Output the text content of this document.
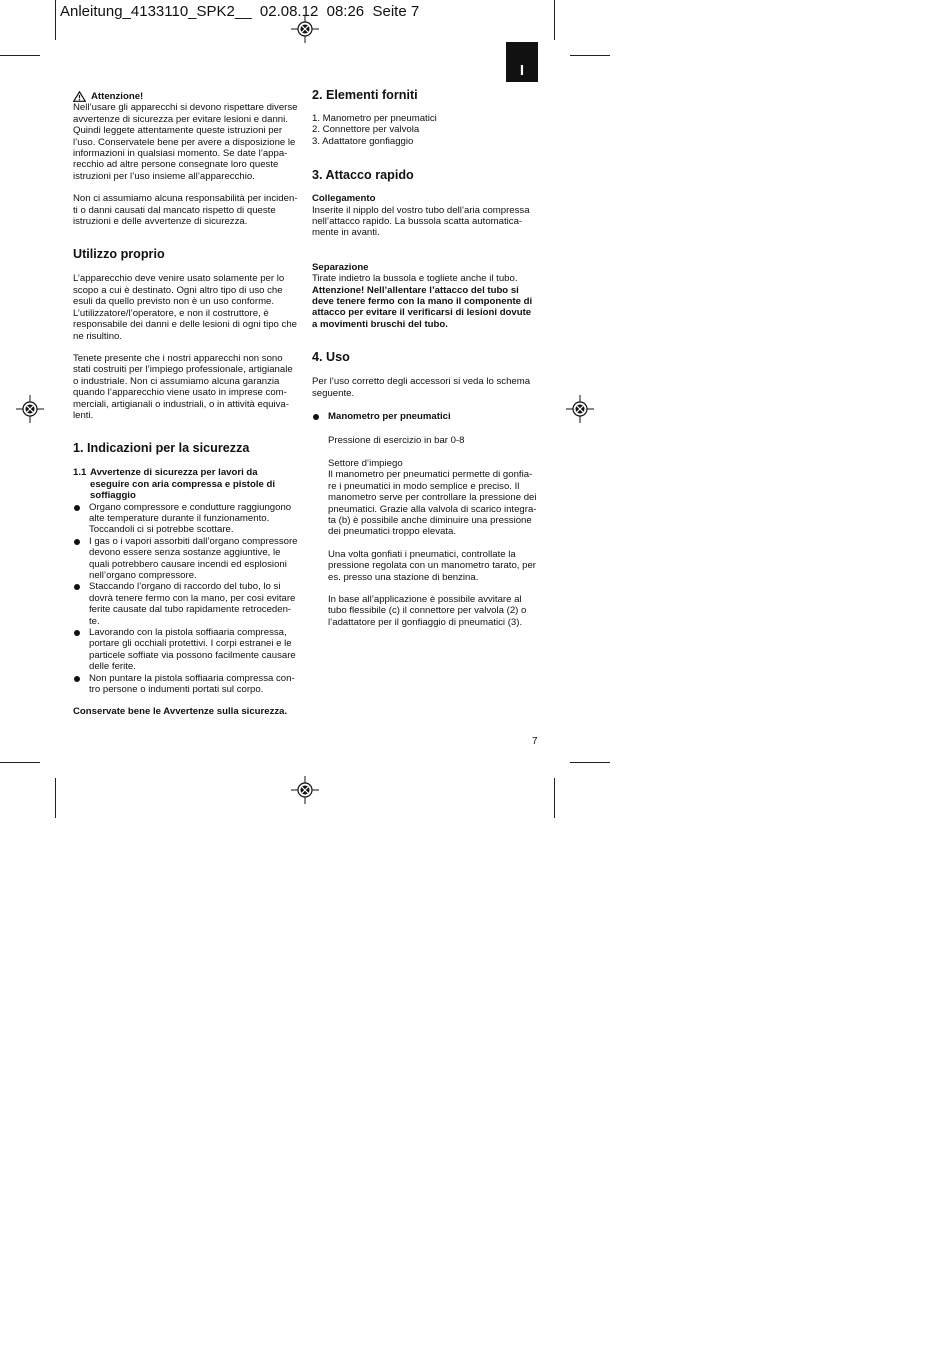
Anleitung_4133110_SPK2__  02.08.12  08:26  Seite 7
I
Attenzione!

Nell’usare gli apparecchi si devono rispettare diverse
avvertenze di sicurezza per evitare lesioni e danni.
Quindi leggete attentamente queste istruzioni per
l’uso. Conservatele bene per avere a disposizione le
informazioni in qualsiasi momento. Se date l’appa-
recchio ad altre persone consegnate loro queste
istruzioni per l’uso insieme all’apparecchio.

Non ci assumiamo alcuna responsabilità per inciden-
ti o danni causati dal mancato rispetto di queste
istruzioni e delle avvertenze di sicurezza.

Utilizzo proprio

L’apparecchio deve venire usato solamente per lo
scopo a cui è destinato. Ogni altro tipo di uso che
esuli da quello previsto non è un uso conforme.
L’utilizzatore/l’operatore, e non il costruttore, è
responsabile dei danni e delle lesioni di ogni tipo che
ne risultino.

Tenete presente che i nostri apparecchi non sono
stati costruiti per l’impiego professionale, artigianale
o industriale. Non ci assumiamo alcuna garanzia
quando l’apparecchio viene usato in imprese com-
merciali, artigianali o industriali, o in attività equiva-
lenti.

1. Indicazioni per la sicurezza

1.1 Avvertenze di sicurezza per lavori da
eseguire con aria compressa e pistole di
soffiaggio
Organo compressore e condutture raggiungono
alte temperature durante il funzionamento.
Toccandoli ci si potrebbe scottare.
I gas o i vapori assorbiti dall’organo compressore
devono essere senza sostanze aggiuntive, le
quali potrebbero causare incendi ed esplosioni
nell’organo compressore.
Staccando l’organo di raccordo del tubo, lo si
dovrà tenere fermo con la mano, per cosi evitare
ferite causate dal tubo rapidamente retroceden-
te.
Lavorando con la pistola soffiaaria compressa,
portare gli occhiali protettivi. I corpi estranei e le
particele soffiate via possono facilmente causare
delle ferite.
Non puntare la pistola soffiaaria compressa con-
tro persone o indumenti portati sul corpo.

Conservate bene le Avvertenze sulla sicurezza.

2. Elementi forniti

1. Manometro per pneumatici
2. Connettore per valvola
3. Adattatore gonfiaggio

3. Attacco rapido

Collegamento

Inserite il nipplo del vostro tubo dell’aria compressa
nell’attacco rapido. La bussola scatta automatica-
mente in avanti.

Separazione

Tirate indietro la bussola e togliete anche il tubo.

Attenzione! Nell’allentare l’attacco del tubo si
deve tenere fermo con la mano il componente di
attacco per evitare il verificarsi di lesioni dovute
a movimenti bruschi del tubo.

4. Uso

Per l’uso corretto degli accessori si veda lo schema
seguente.

Manometro per pneumatici

Pressione di esercizio in bar 0-8

Settore d’impiego
Il manometro per pneumatici permette di gonfia-
re i pneumatici in modo semplice e preciso. Il
manometro serve per controllare la pressione dei
pneumatici. Grazie alla valvola di scarico integra-
ta (b) è possibile anche diminuire una pressione
dei pneumatici troppo elevata.

Una volta gonfiati i pneumatici, controllate la
pressione regolata con un manometro tarato, per
es. presso una stazione di benzina.

In base all’applicazione è possibile avvitare al
tubo flessibile (c) il connettore per valvola (2) o
l’adattatore per il gonfiaggio di pneumatici (3).

7
